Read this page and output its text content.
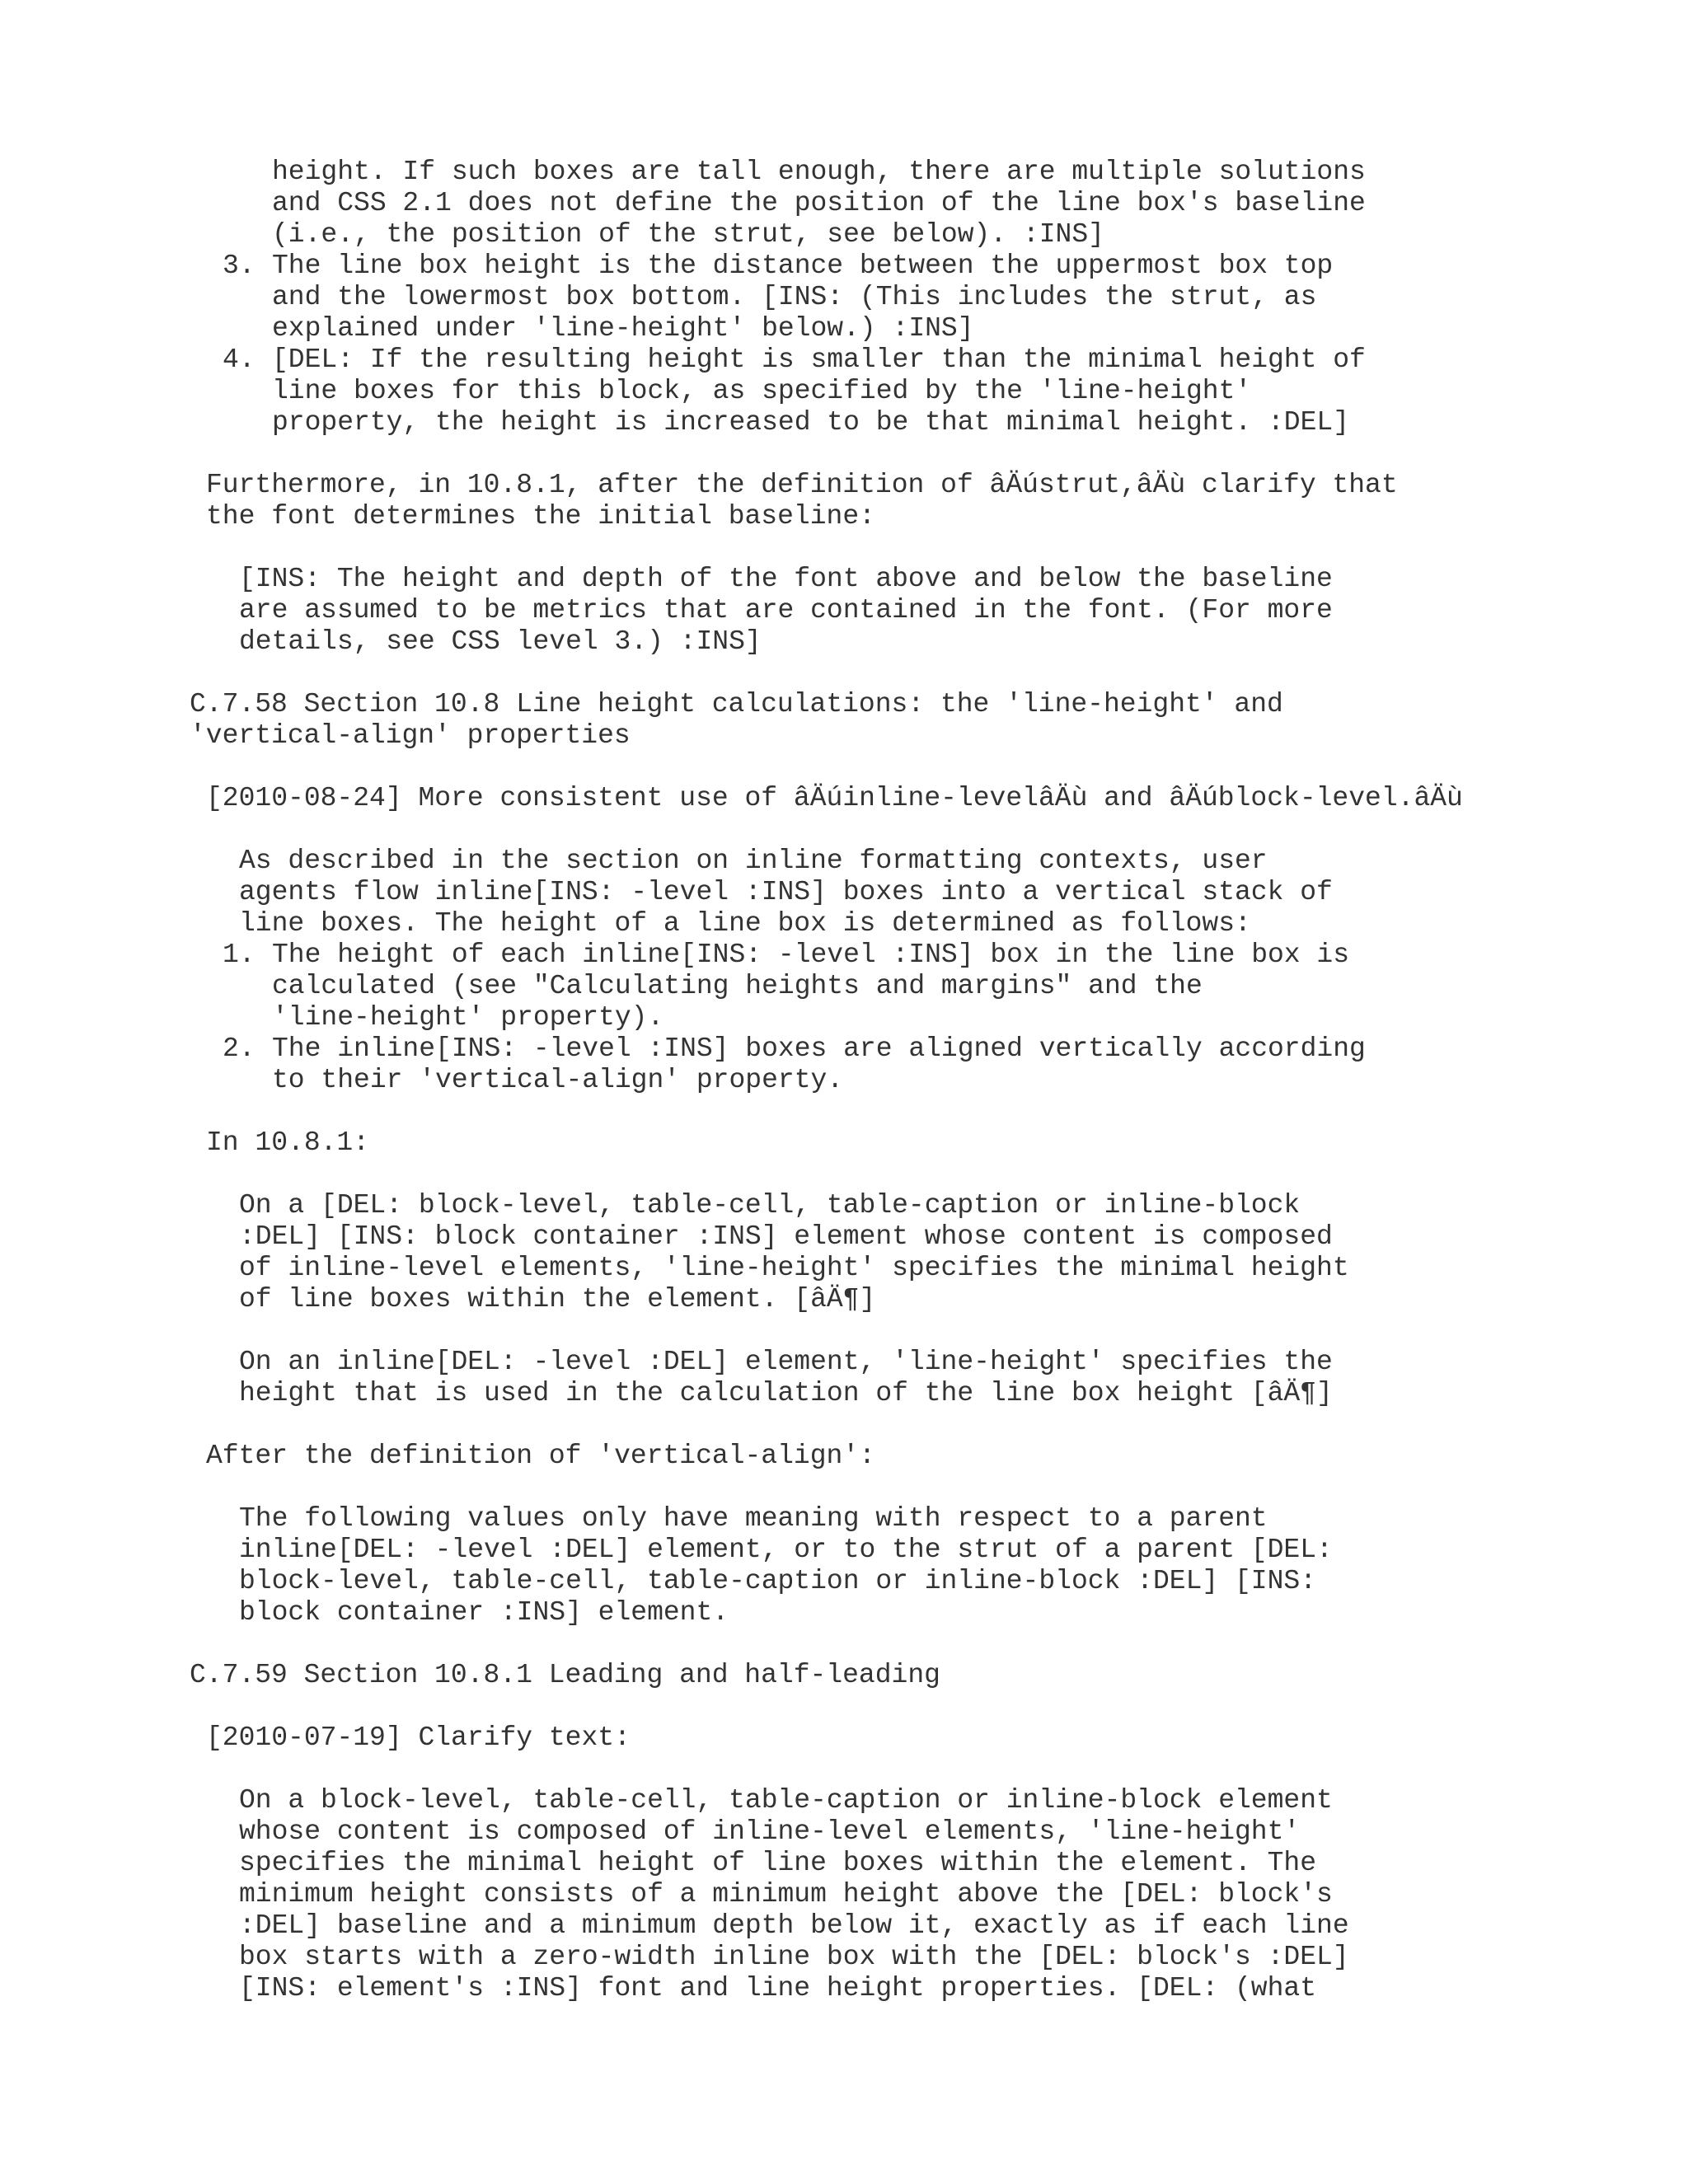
height. If such boxes are tall enough, there are multiple solutions

and CSS 2.1 does not define the position of the line box's baseline

(i.e., the position of the strut, see below). :INS]

3. The line box height is the distance between the uppermost box top

and the lowermost box bottom. [INS: (This includes the strut, as

explained under 'line-height' below.) :INS]

4. [DEL: If the resulting height is smaller than the minimal height of

line boxes for this block, as specified by the 'line-height'

property, the height is increased to be that minimal height. :DEL]

Furthermore, in 10.8.1, after the definition of âÄústrut,âÄù clarify that

the font determines the initial baseline:

[INS: The height and depth of the font above and below the baseline

are assumed to be metrics that are contained in the font. (For more

details, see CSS level 3.) :INS]

C.7.58 Section 10.8 Line height calculations: the 'line-height' and

'vertical-align' properties

[2010-08-24] More consistent use of âÄúinline-levelâÄù and âÄúblock-level.âÄù

As described in the section on inline formatting contexts, user

agents flow inline[INS: -level :INS] boxes into a vertical stack of

line boxes. The height of a line box is determined as follows:

1. The height of each inline[INS: -level :INS] box in the line box is

calculated (see "Calculating heights and margins" and the

'line-height' property).

2. The inline[INS: -level :INS] boxes are aligned vertically according

to their 'vertical-align' property.

In 10.8.1:

On a [DEL: block-level, table-cell, table-caption or inline-block

:DEL] [INS: block container :INS] element whose content is composed

of inline-level elements, 'line-height' specifies the minimal height

of line boxes within the element. [âÄ¶]

On an inline[DEL: -level :DEL] element, 'line-height' specifies the

height that is used in the calculation of the line box height [âÄ¶]

After the definition of 'vertical-align':

The following values only have meaning with respect to a parent

inline[DEL: -level :DEL] element, or to the strut of a parent [DEL:

block-level, table-cell, table-caption or inline-block :DEL] [INS:

block container :INS] element.

C.7.59 Section 10.8.1 Leading and half-leading

[2010-07-19] Clarify text:

On a block-level, table-cell, table-caption or inline-block element

whose content is composed of inline-level elements, 'line-height'

specifies the minimal height of line boxes within the element. The

minimum height consists of a minimum height above the [DEL: block's

:DEL] baseline and a minimum depth below it, exactly as if each line

box starts with a zero-width inline box with the [DEL: block's :DEL]

[INS: element's :INS] font and line height properties. [DEL: (what
